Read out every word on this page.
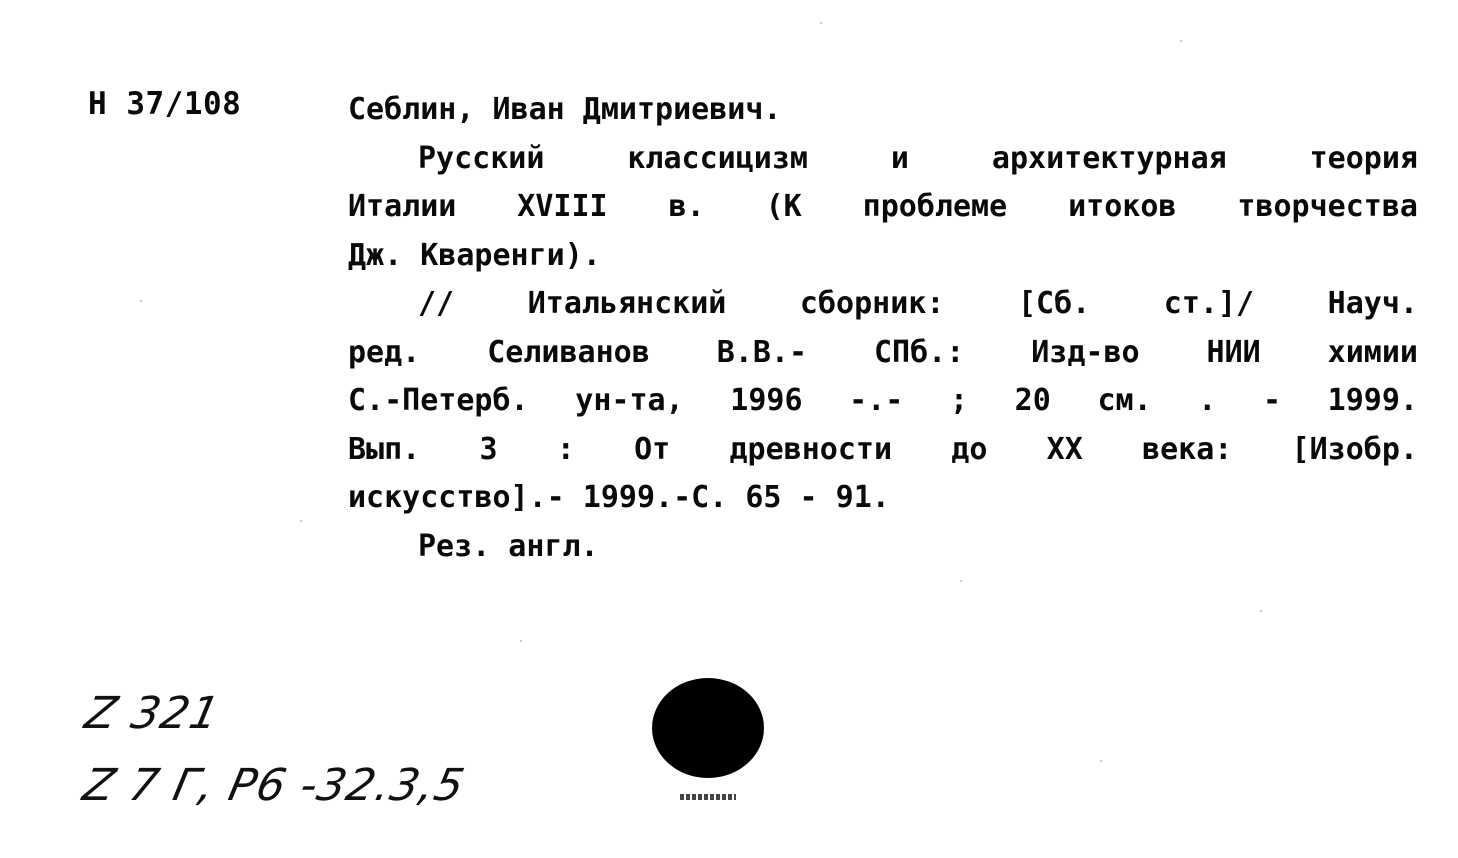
Н 37/108	Себлин, Иван Дмитриевич.
Русский классицизм и архитектурная теория
Италии XVIII в. (К проблеме итоков творчества
Дж. Кваренги).
// Итальянский сборник: [Сб. ст.]/ Науч.
ред. Селиванов В.В.- СПб.: Изд-во НИИ химии
С.-Петерб. ун-та, 1996 -.- ; 20 см. . - 1999.
Вып. 3 : От древности до XX века: [Изобр.
искусство].- 1999.-С. 65 - 91.
Рез. англ.
Z 321
Z 7 Г, Р6 -32.3,5
